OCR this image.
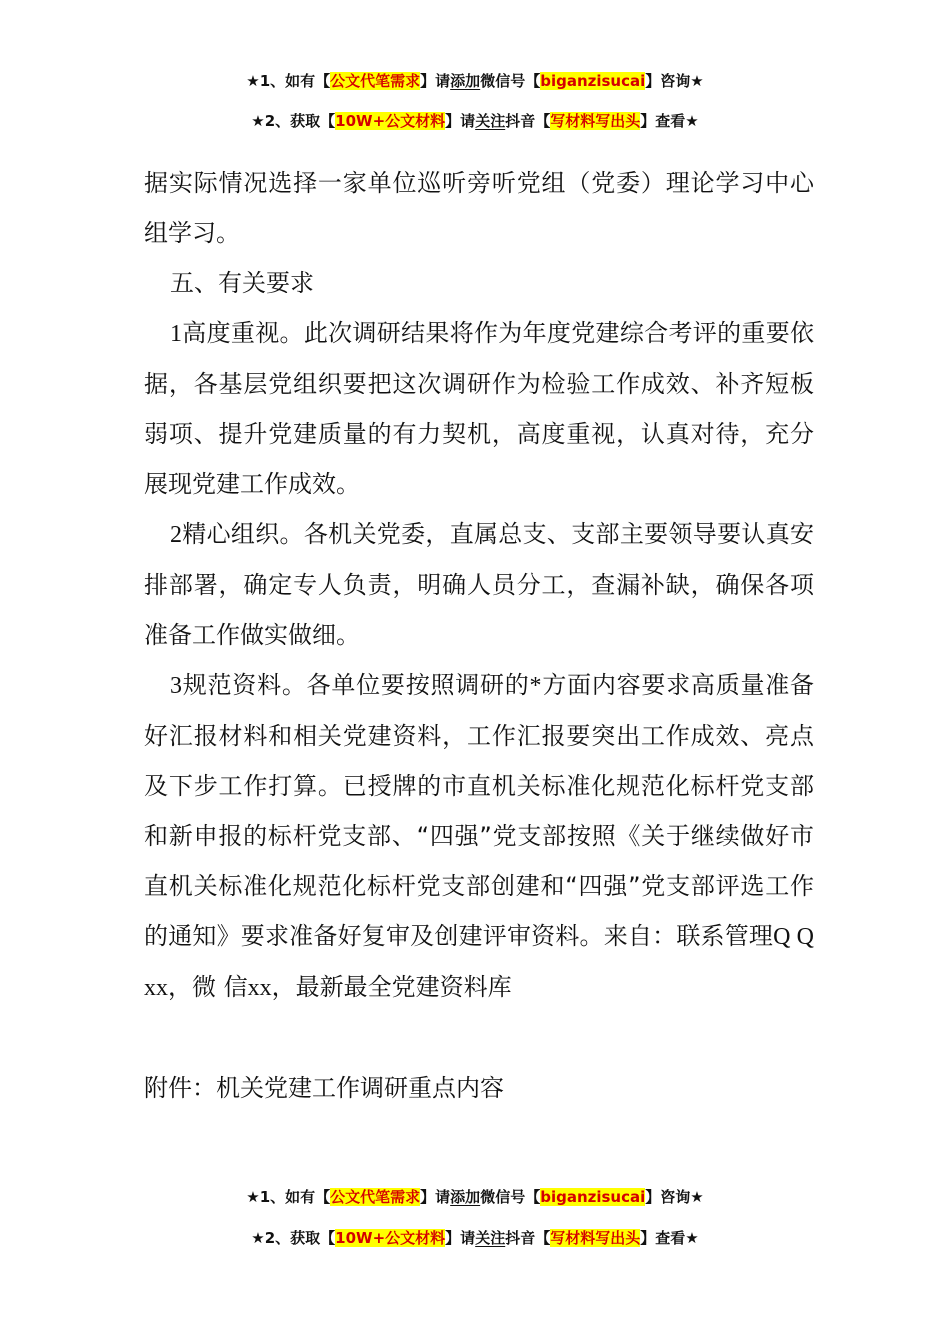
★1、如有【公文代笔需求】请添加微信号【biganzisucai】咨询★
★2、获取【10W+公文材料】请关注抖音【写材料写出头】查看★

据实际情况选择一家单位巡听旁听党组（党委）理论学习中心组学习。

五、有关要求

1高度重视。此次调研结果将作为年度党建综合考评的重要依据，各基层党组织要把这次调研作为检验工作成效、补齐短板弱项、提升党建质量的有力契机，高度重视，认真对待，充分展现党建工作成效。

2精心组织。各机关党委，直属总支、支部主要领导要认真安排部署，确定专人负责，明确人员分工，查漏补缺，确保各项准备工作做实做细。

3规范资料。各单位要按照调研的*方面内容要求高质量准备好汇报材料和相关党建资料，工作汇报要突出工作成效、亮点及下步工作打算。已授牌的市直机关标准化规范化标杆党支部和新申报的标杆党支部、“四强”党支部按照《关于继续做好市直机关标准化规范化标杆党支部创建和“四强”党支部评选工作的通知》要求准备好复审及创建评审资料。来自：联系管理Q Q xx，微 信xx，最新最全党建资料库

附件：机关党建工作调研重点内容

★1、如有【公文代笔需求】请添加微信号【biganzisucai】咨询★
★2、获取【10W+公文材料】请关注抖音【写材料写出头】查看★
